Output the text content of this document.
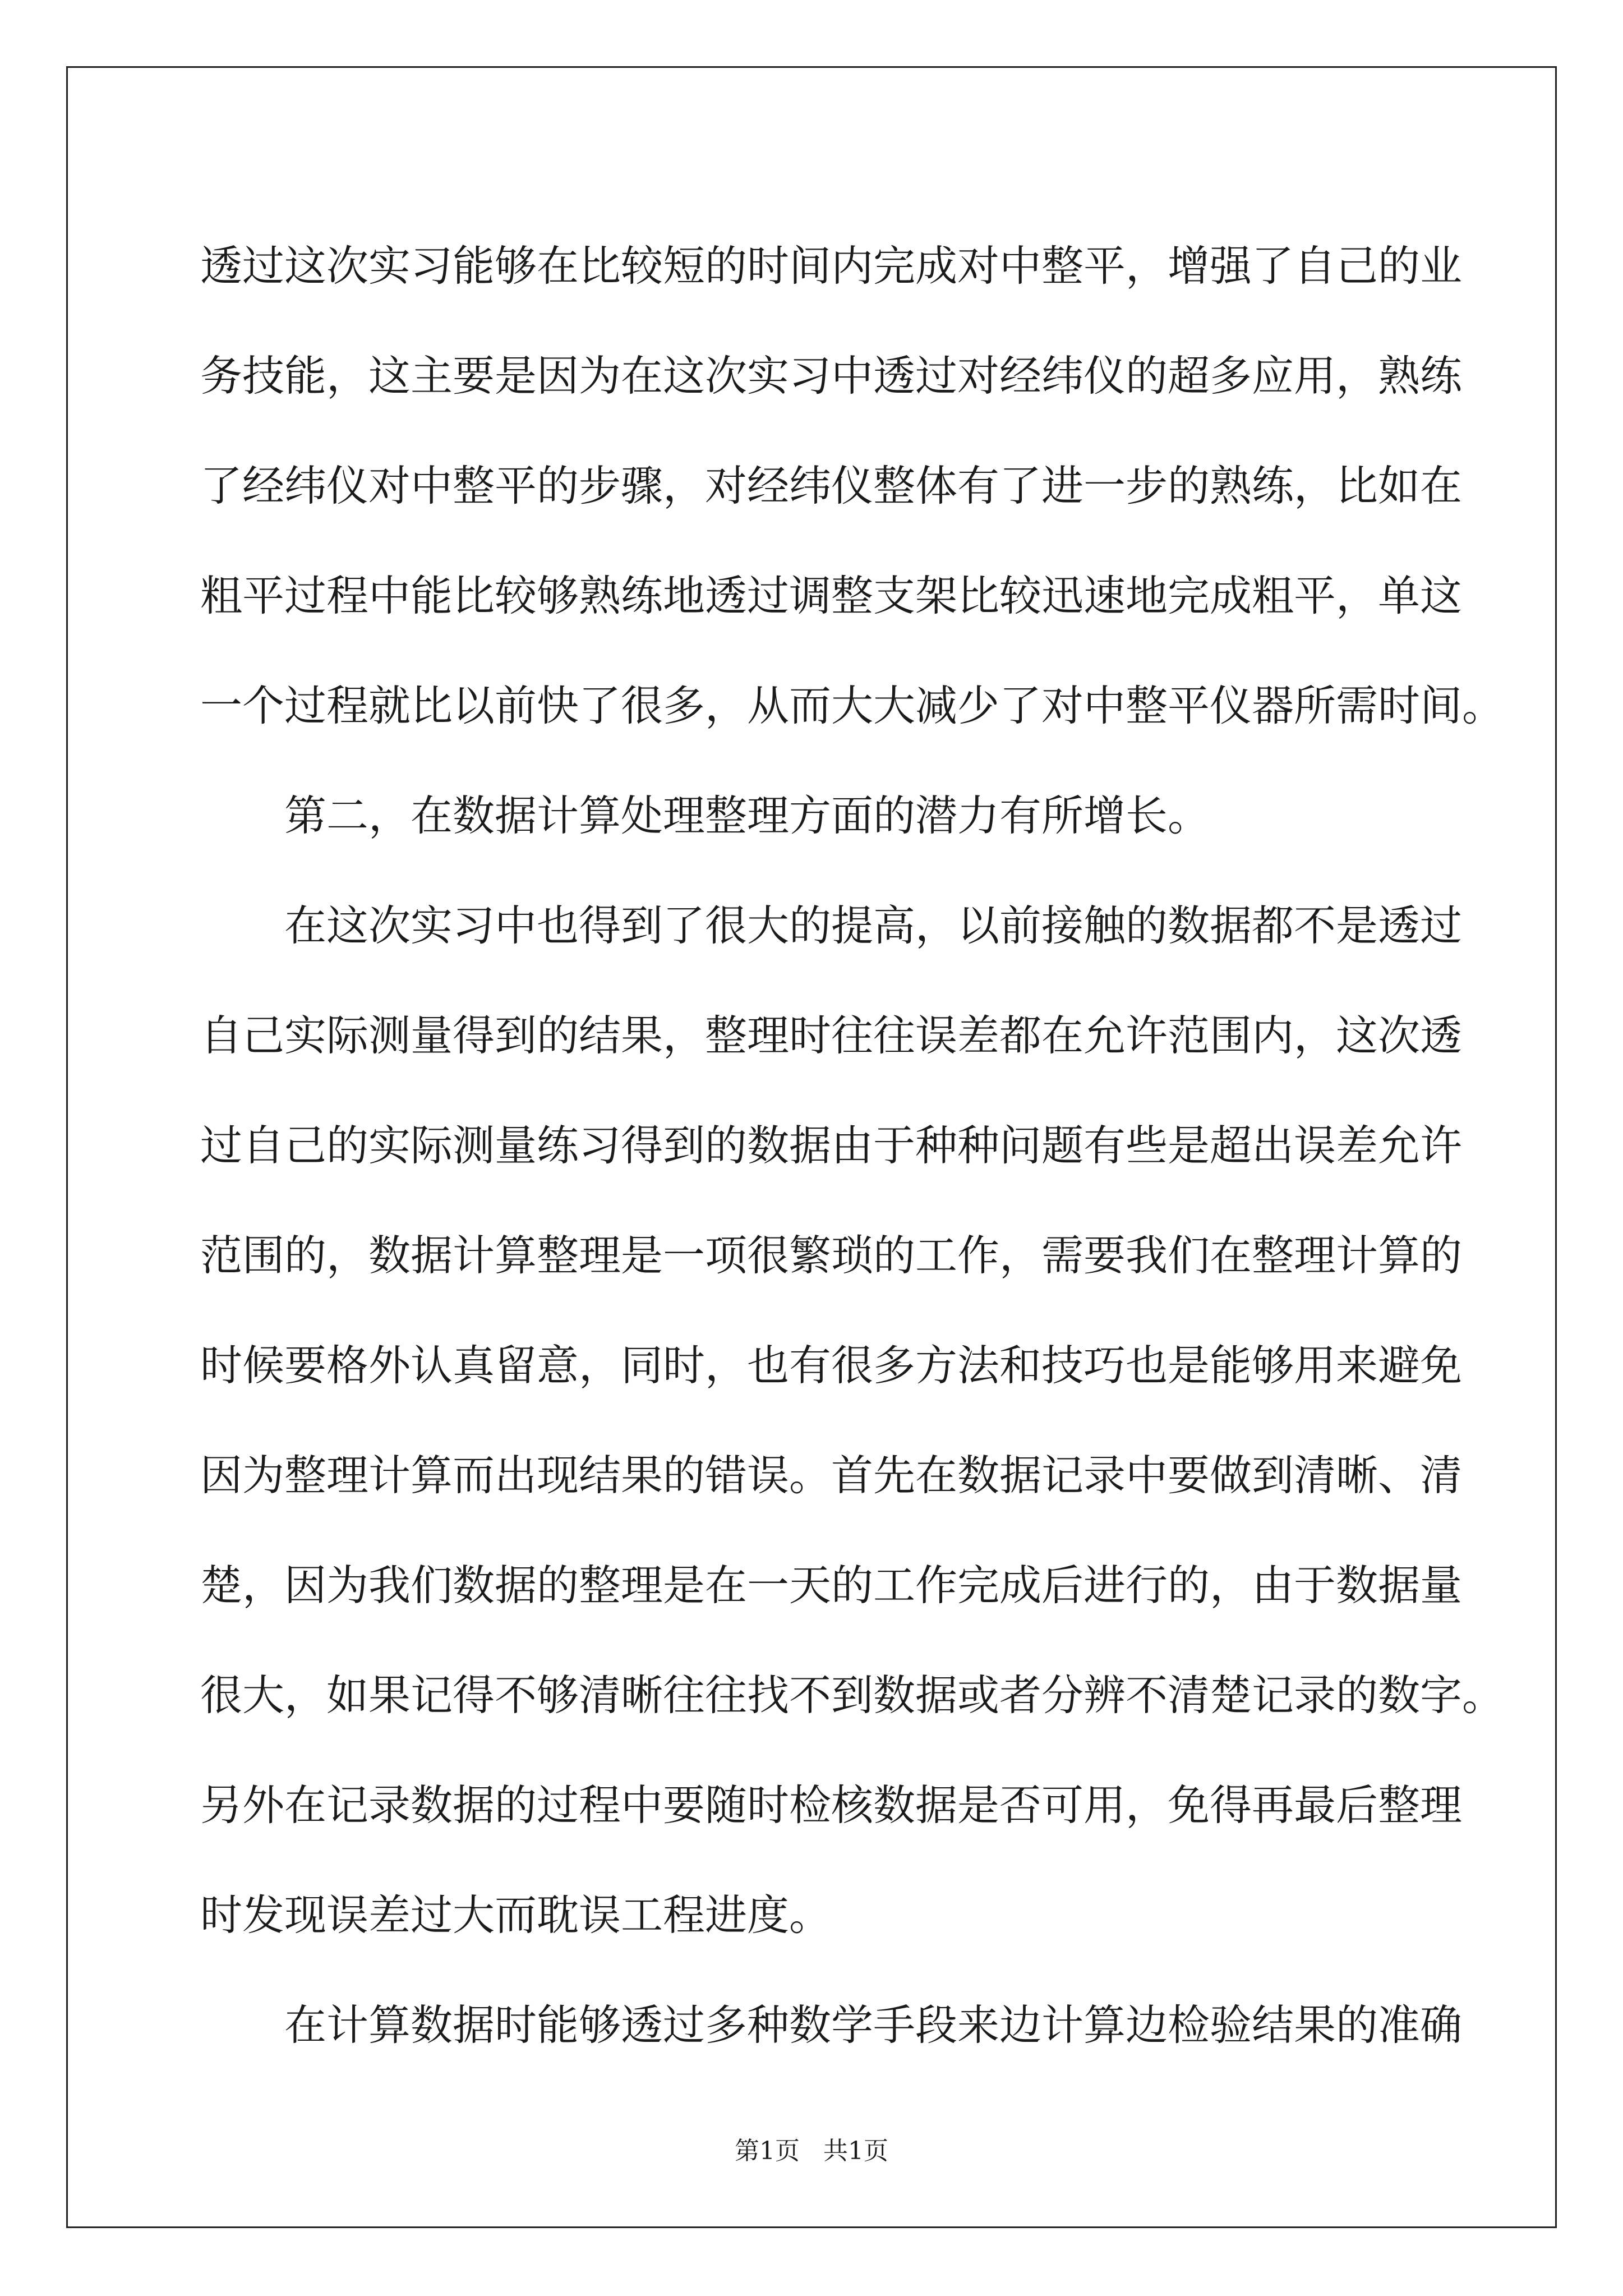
透过这次实习能够在比较短的时间内完成对中整平，增强了自己的业
务技能，这主要是因为在这次实习中透过对经纬仪的超多应用，熟练
了经纬仪对中整平的步骤，对经纬仪整体有了进一步的熟练，比如在
粗平过程中能比较够熟练地透过调整支架比较迅速地完成粗平，单这
一个过程就比以前快了很多，从而大大减少了对中整平仪器所需时间。
第二，在数据计算处理整理方面的潜力有所增长。
在这次实习中也得到了很大的提高，以前接触的数据都不是透过
自己实际测量得到的结果，整理时往往误差都在允许范围内，这次透
过自己的实际测量练习得到的数据由于种种问题有些是超出误差允许
范围的，数据计算整理是一项很繁琐的工作，需要我们在整理计算的
时候要格外认真留意，同时，也有很多方法和技巧也是能够用来避免
因为整理计算而出现结果的错误。首先在数据记录中要做到清晰、清
楚，因为我们数据的整理是在一天的工作完成后进行的，由于数据量
很大，如果记得不够清晰往往找不到数据或者分辨不清楚记录的数字。
另外在记录数据的过程中要随时检核数据是否可用，免得再最后整理
时发现误差过大而耽误工程进度。
在计算数据时能够透过多种数学手段来边计算边检验结果的准确
第1页 共1页
